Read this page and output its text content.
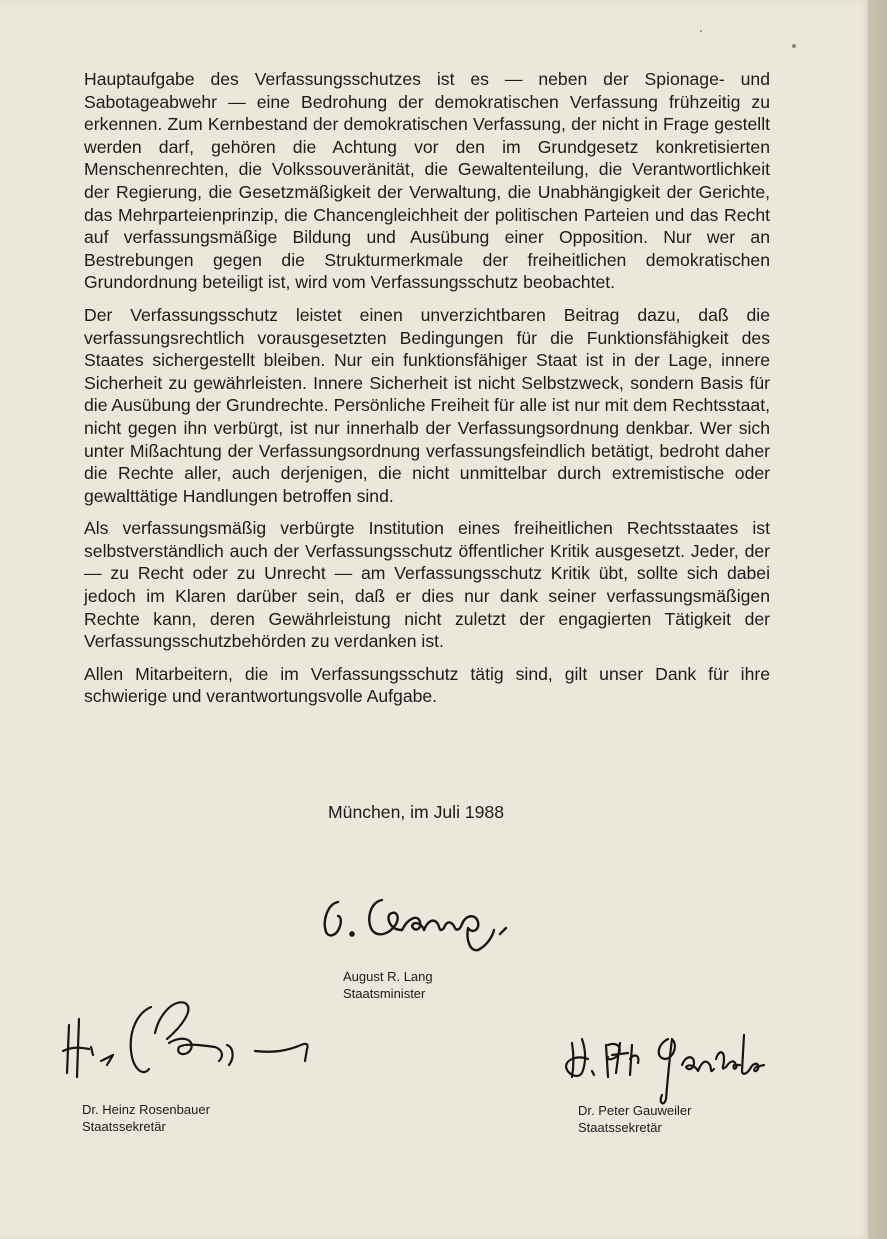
Hauptaufgabe des Verfassungsschutzes ist es — neben der Spionage- und Sabotageabwehr — eine Bedrohung der demokratischen Verfassung frühzeitig zu erkennen. Zum Kernbestand der demokratischen Verfassung, der nicht in Frage gestellt werden darf, gehören die Achtung vor den im Grundgesetz konkretisierten Menschenrechten, die Volkssouveränität, die Gewaltenteilung, die Verantwortlichkeit der Regierung, die Gesetzmäßigkeit der Verwaltung, die Unabhängigkeit der Gerichte, das Mehrparteienprinzip, die Chancengleichheit der politischen Parteien und das Recht auf verfassungsmäßige Bildung und Ausübung einer Opposition. Nur wer an Bestrebungen gegen die Strukturmerkmale der freiheitlichen demokratischen Grundordnung beteiligt ist, wird vom Verfassungsschutz beobachtet.

Der Verfassungsschutz leistet einen unverzichtbaren Beitrag dazu, daß die verfassungsrechtlich vorausgesetzten Bedingungen für die Funktionsfähigkeit des Staates sichergestellt bleiben. Nur ein funktionsfähiger Staat ist in der Lage, innere Sicherheit zu gewährleisten. Innere Sicherheit ist nicht Selbstzweck, sondern Basis für die Ausübung der Grundrechte. Persönliche Freiheit für alle ist nur mit dem Rechtsstaat, nicht gegen ihn verbürgt, ist nur innerhalb der Verfassungsordnung denkbar. Wer sich unter Mißachtung der Verfassungsordnung verfassungsfeindlich betätigt, bedroht daher die Rechte aller, auch derjenigen, die nicht unmittelbar durch extremistische oder gewalttätige Handlungen betroffen sind.

Als verfassungsmäßig verbürgte Institution eines freiheitlichen Rechtsstaates ist selbstverständlich auch der Verfassungsschutz öffentlicher Kritik ausgesetzt. Jeder, der — zu Recht oder zu Unrecht — am Verfassungsschutz Kritik übt, sollte sich dabei jedoch im Klaren darüber sein, daß er dies nur dank seiner verfassungsmäßigen Rechte kann, deren Gewährleistung nicht zuletzt der engagierten Tätigkeit der Verfassungsschutzbehörden zu verdanken ist.

Allen Mitarbeitern, die im Verfassungsschutz tätig sind, gilt unser Dank für ihre schwierige und verantwortungsvolle Aufgabe.

München, im Juli 1988
August R. Lang
Staatsminister
Dr. Heinz Rosenbauer
Staatssekretär
Dr. Peter Gauweiler
Staatssekretär
